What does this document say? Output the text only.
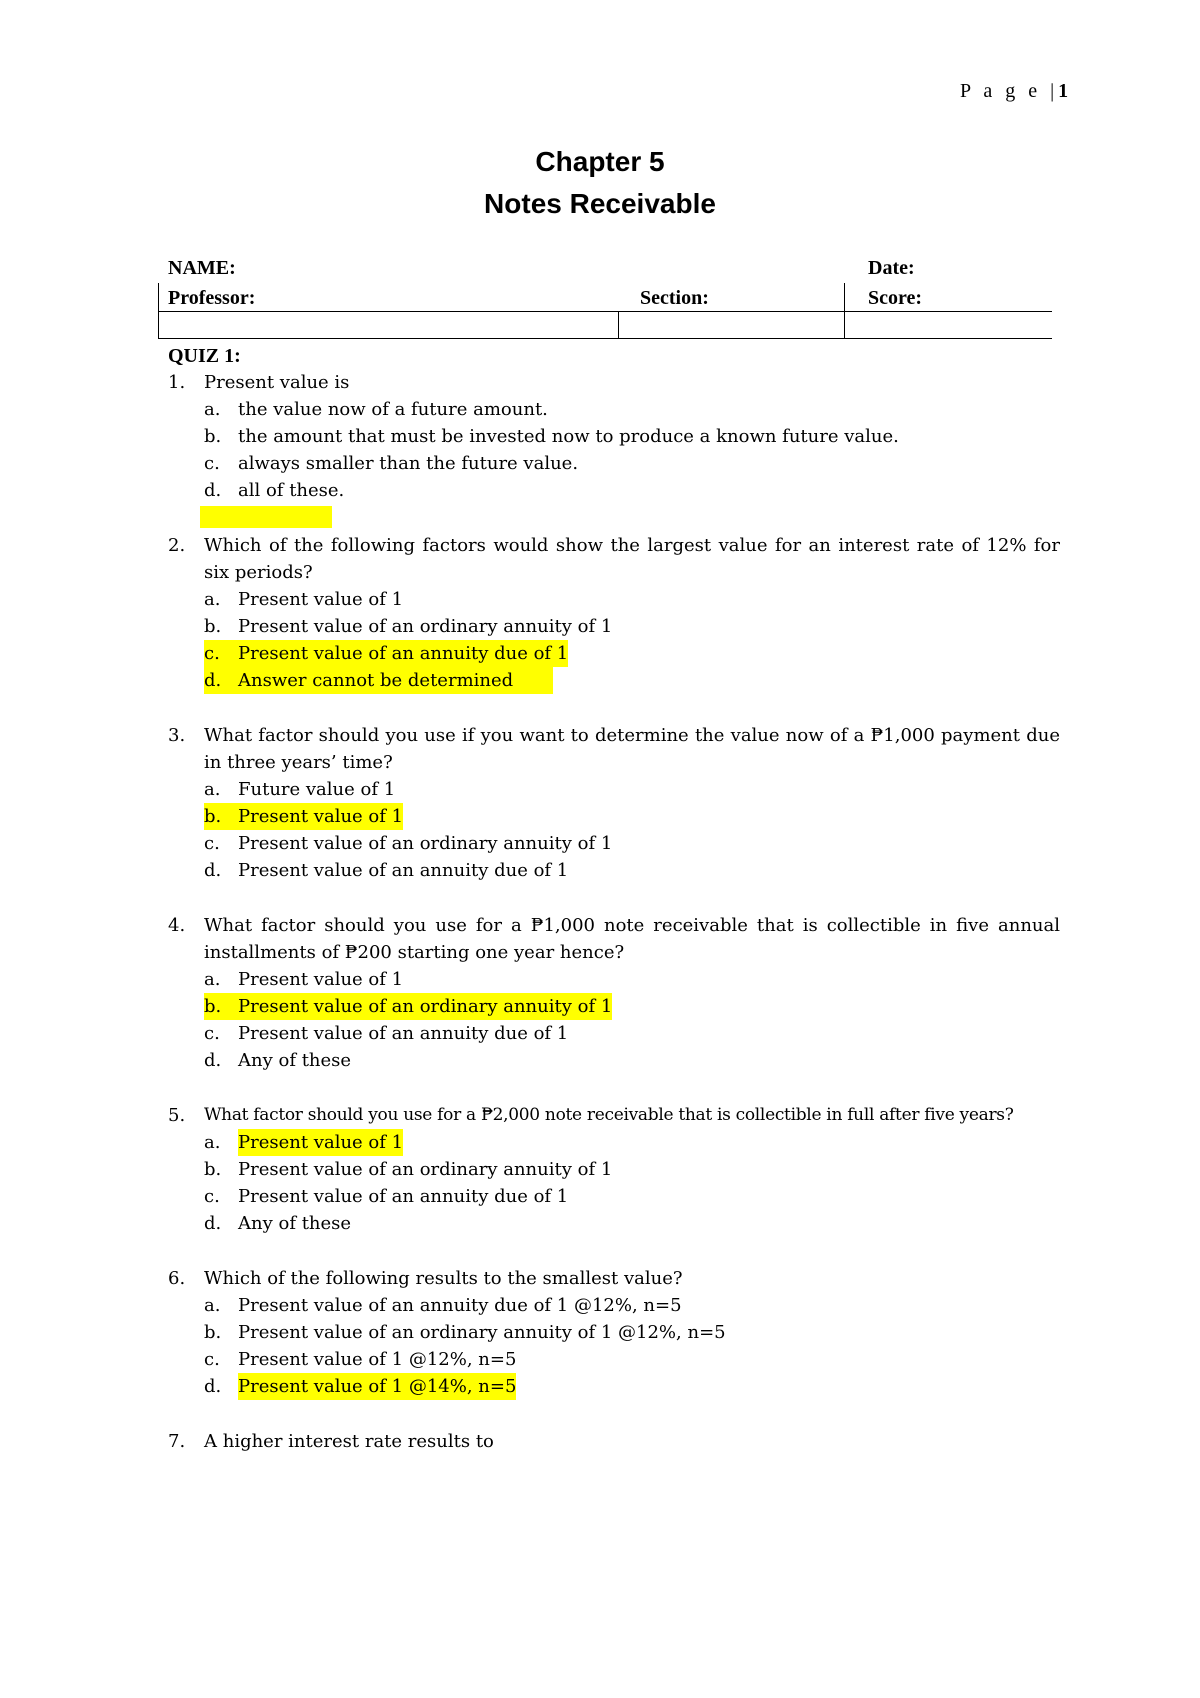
P a g e |1
Chapter 5
Notes Receivable
NAME:	Date:
Professor:	Section:	Score:
QUIZ 1:
1.	Present value is
a. the value now of a future amount.
b. the amount that must be invested now to produce a known future value.
c.	always smaller than the future value.
d. all of these.
2.	Which of the following factors would show the largest value for an interest rate of 12% for six periods?
a. Present value of 1
b. Present value of an ordinary annuity of 1
c.	Present value of an annuity due of 1
d. Answer cannot be determined
3.	What factor should you use if you want to determine the value now of a ₱1,000 payment due in three years’ time?
a. Future value of 1
b. Present value of 1
c.	Present value of an ordinary annuity of 1
d. Present value of an annuity due of 1
4.	What factor should you use for a ₱1,000 note receivable that is collectible in five annual installments of ₱200 starting one year hence?
a. Present value of 1
b. Present value of an ordinary annuity of 1
c.	Present value of an annuity due of 1
d. Any of these
5.	What factor should you use for a ₱2,000 note receivable that is collectible in full after five years?
a. Present value of 1
b. Present value of an ordinary annuity of 1
c.	Present value of an annuity due of 1
d. Any of these
6.	Which of the following results to the smallest value?
a. Present value of an annuity due of 1 @12%, n=5
b. Present value of an ordinary annuity of 1 @12%, n=5
c.	Present value of 1 @12%, n=5
d. Present value of 1 @14%, n=5
7.	A higher interest rate results to
